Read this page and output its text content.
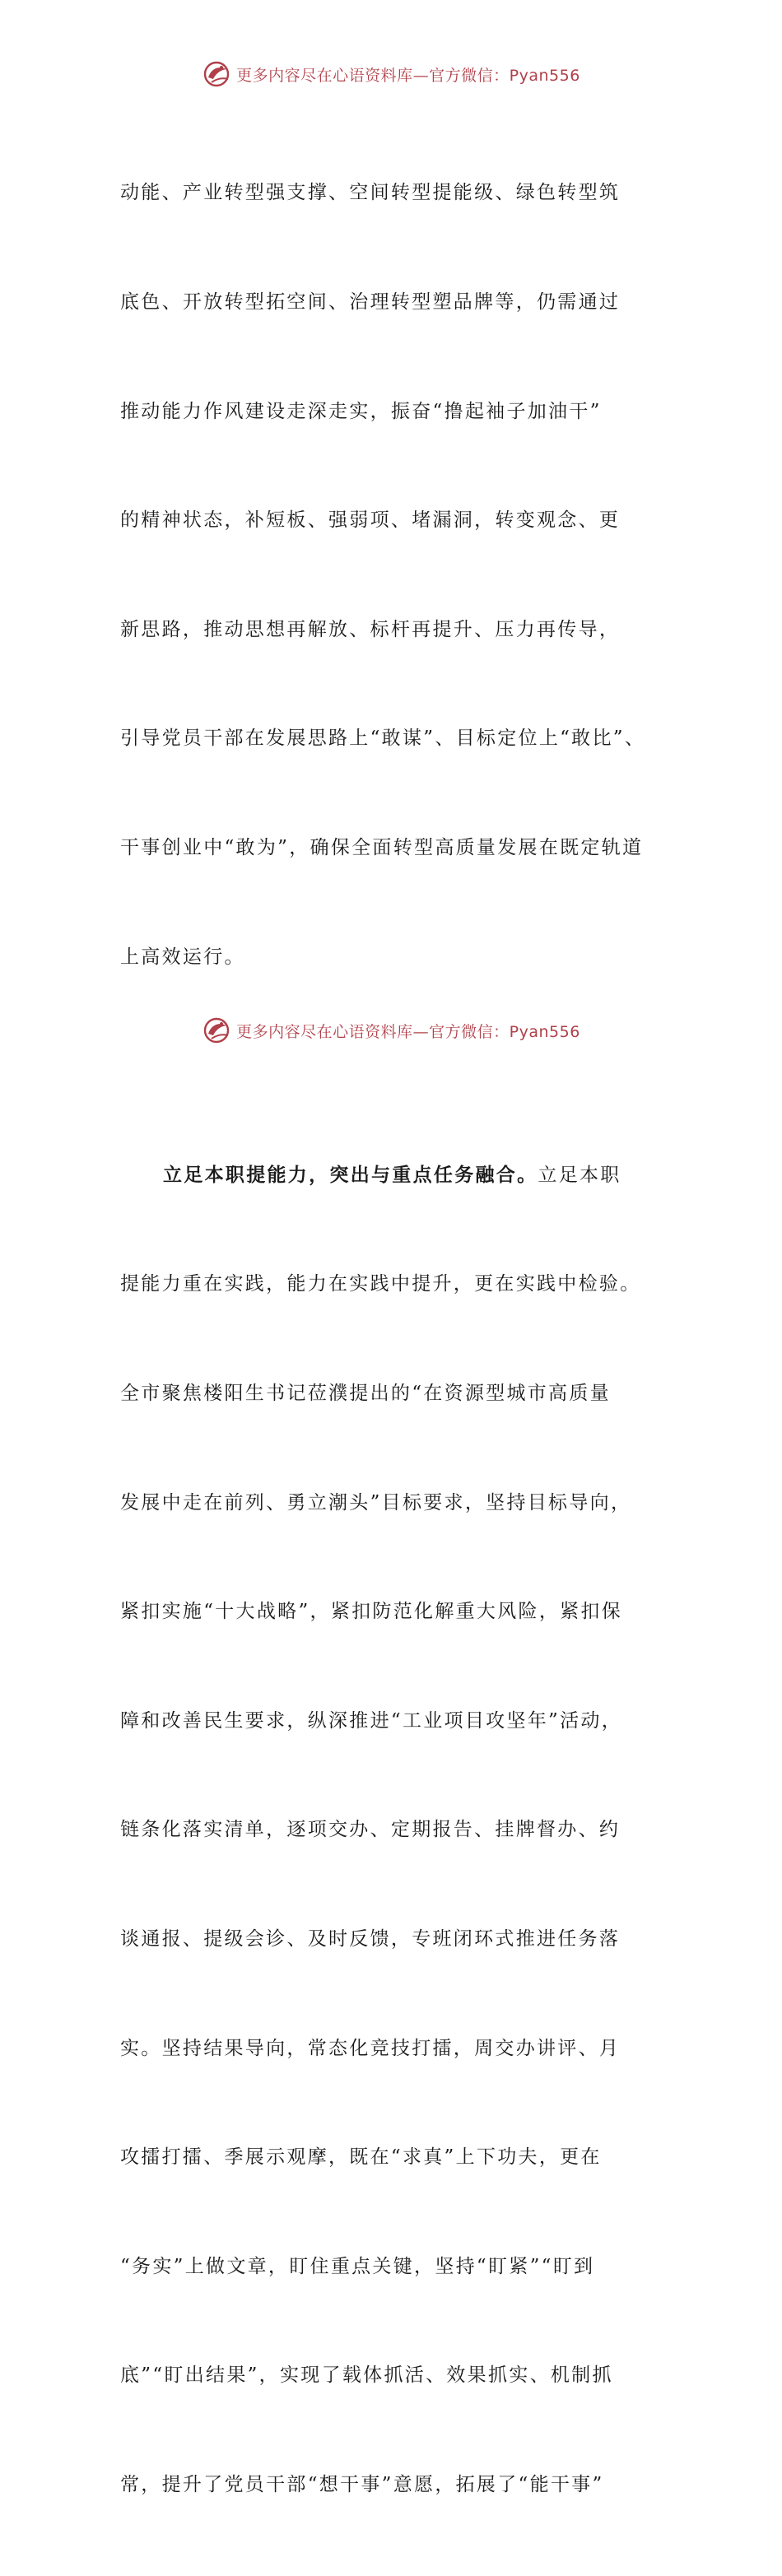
更多内容尽在心语资料库—官方微信：Pyan556

动能、产业转型强支撑、空间转型提能级、绿色转型筑

底色、开放转型拓空间、治理转型塑品牌等，仍需通过

推动能力作风建设走深走实，振奋“撸起袖子加油干”

的精神状态，补短板、强弱项、堵漏洞，转变观念、更

新思路，推动思想再解放、标杆再提升、压力再传导，

引导党员干部在发展思路上“敢谋”、目标定位上“敢比”、

干事创业中“敢为”，确保全面转型高质量发展在既定轨道

上高效运行。

立足本职提能力，突出与重点任务融合。立足本职

提能力重在实践，能力在实践中提升，更在实践中检验。

全市聚焦楼阳生书记莅濮提出的“在资源型城市高质量

发展中走在前列、勇立潮头”目标要求，坚持目标导向，

紧扣实施“十大战略”，紧扣防范化解重大风险，紧扣保

障和改善民生要求，纵深推进“工业项目攻坚年”活动，

链条化落实清单，逐项交办、定期报告、挂牌督办、约

谈通报、提级会诊、及时反馈，专班闭环式推进任务落

实。坚持结果导向，常态化竞技打擂，周交办讲评、月

攻擂打擂、季展示观摩，既在“求真”上下功夫，更在

“务实”上做文章，盯住重点关键，坚持“盯紧”“盯到

底”“盯出结果”，实现了载体抓活、效果抓实、机制抓

常，提升了党员干部“想干事”意愿，拓展了“能干事”

更多内容尽在心语资料库—官方微信：Pyan556
